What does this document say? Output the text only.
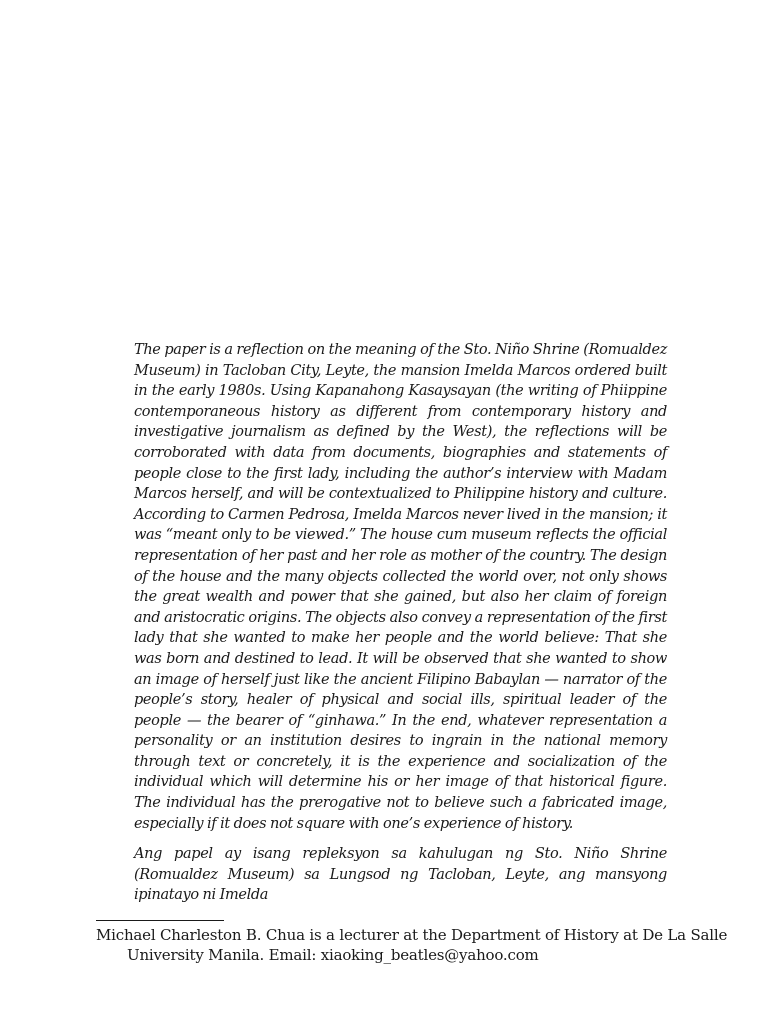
The paper is a reflection on the meaning of the Sto. Niño Shrine (Romualdez Museum) in Tacloban City, Leyte, the mansion Imelda Marcos ordered built in the early 1980s. Using Kapanahong Kasaysayan (the writing of Phiippine contemporaneous history as different from contemporary history and investigative journalism as defined by the West), the reflections will be corroborated with data from documents, biographies and statements of people close to the first lady, including the author’s interview with Madam Marcos herself, and will be contextualized to Philippine history and culture. According to Carmen Pedrosa, Imelda Marcos never lived in the mansion; it was “meant only to be viewed.” The house cum museum reflects the official representation of her past and her role as mother of the country. The design of the house and the many objects collected the world over, not only shows the great wealth and power that she gained, but also her claim of foreign and aristocratic origins. The objects also convey a representation of the first lady that she wanted to make her people and the world believe: That she was born and destined to lead. It will be observed that she wanted to show an image of herself just like the ancient Filipino Babaylan — narrator of the people’s story, healer of physical and social ills, spiritual leader of the people — the bearer of “ginhawa.” In the end, whatever representation a personality or an institution desires to ingrain in the national memory through text or concretely, it is the experience and socialization of the individual which will determine his or her image of that historical figure. The individual has the prerogative not to believe such a fabricated image, especially if it does not square with one’s experience of history.

Ang papel ay isang repleksyon sa kahulugan ng Sto. Niño Shrine (Romualdez Museum) sa Lungsod ng Tacloban, Leyte, ang mansyong ipinatayo ni Imelda

Michael Charleston B. Chua is a lecturer at the Department of History at De La Salle University Manila. Email: xiaoking_beatles@yahoo.com
